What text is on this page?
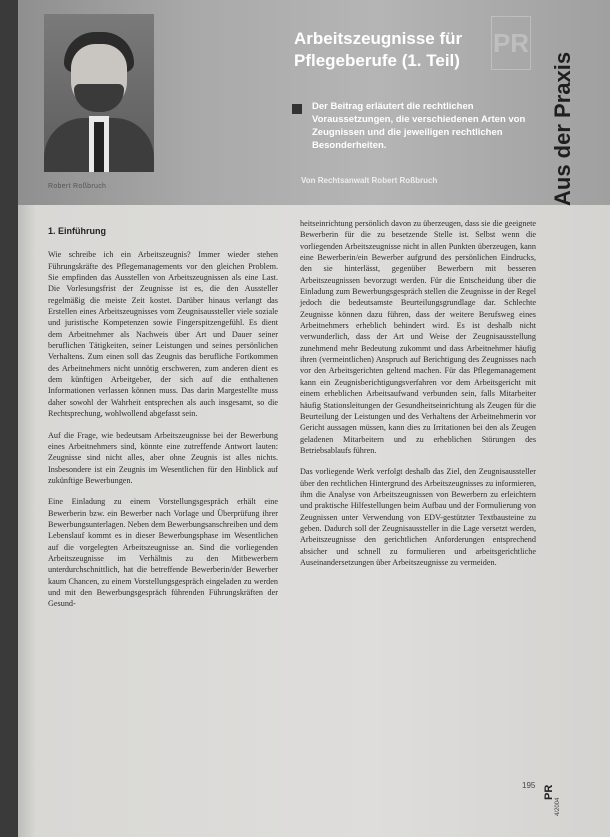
Robert Roßbruch
PR
Arbeitszeugnisse für
Pflegeberufe (1. Teil)
Der Beitrag erläutert die rechtlichen Voraussetzungen, die verschiedenen Arten von Zeugnissen und die jeweiligen rechtlichen Besonderheiten.
Von Rechtsanwalt Robert Roßbruch	Aus der Praxis
1. Einführung

Wie schreibe ich ein Arbeitszeugnis? Immer wieder stehen Führungskräfte des Pflegemanagements vor den gleichen Problem. Sie empfinden das Ausstellen von Arbeitszeugnissen als eine Last. Die Vorlesungsfrist der Zeugnisse ist es, die den Aussteller regelmäßig die meiste Zeit kostet. Darüber hinaus verlangt das Erstellen eines Arbeitszeugnisses vom Zeugnisaussteller viele soziale und juristische Kompetenzen sowie Fingerspitzengefühl. Es dient dem Arbeitnehmer als Nachweis über Art und Dauer seiner beruflichen Tätigkeiten, seiner Leistungen und seines persönlichen Verhaltens. Zum einen soll das Zeugnis das berufliche Fortkommen des Arbeitnehmers nicht unnötig erschweren, zum anderen dient es dem künftigen Arbeitgeber, der sich auf die enthaltenen Informationen verlassen können muss. Das darin Margestellte muss daher sowohl der Wahrheit entsprechen als auch insgesamt, so die Rechtsprechung, wohlwollend abgefasst sein.

Auf die Frage, wie bedeutsam Arbeitszeugnisse bei der Bewerbung eines Arbeitnehmers sind, könnte eine zutreffende Antwort lauten: Zeugnisse sind nicht alles, aber ohne Zeugnis ist alles nichts. Insbesondere ist ein Zeugnis im Wesentlichen für den Hinblick auf zukünftige Bewerbungen.

Eine Einladung zu einem Vorstellungsgespräch erhält eine Bewerberin bzw. ein Bewerber nach Vorlage und Überprüfung ihrer Bewerbungsunterlagen. Neben dem Bewerbungsanschreiben und dem Lebenslauf kommt es in dieser Bewerbungsphase im Wesentlichen auf die vorgelegten Arbeitszeugnisse an. Sind die vorliegenden Arbeitszeugnisse im Verhältnis zu den Mitbewerbern unterdurchschnittlich, hat die betreffende Bewerberin/der Bewerber kaum Chancen, zu einem Vorstellungsgespräch eingeladen zu werden und mit den Bewerbungsgespräch führenden Führungskräften der Gesund-

heitseinrichtung persönlich davon zu überzeugen, dass sie die geeignete Bewerberin für die zu besetzende Stelle ist. Selbst wenn die vorliegenden Arbeitszeugnisse nicht in allen Punkten überzeugen, kann eine Bewerberin/ein Bewerber aufgrund des persönlichen Eindrucks, den sie hinterlässt, gegenüber Bewerbern mit besseren Arbeitszeugnissen bevorzugt werden. Für die Entscheidung über die Einladung zum Bewerbungsgespräch stellen die Zeugnisse in der Regel jedoch die bedeutsamste Beurteilungsgrundlage dar. Schlechte Zeugnisse können dazu führen, dass der weitere Berufsweg eines Arbeitnehmers erheblich behindert wird. Es ist deshalb nicht verwunderlich, dass der Art und Weise der Zeugnisausstellung zunehmend mehr Bedeutung zukommt und dass Arbeitnehmer häufig ihren (vermeintlichen) Anspruch auf Berichtigung des Zeugnisses nach vor den Arbeitsgerichten geltend machen. Für das Pflegemanagement kann ein Zeugnisberichtigungsverfahren vor dem Arbeitsgericht mit einem erheblichen Arbeitsaufwand verbunden sein, falls Mitarbeiter häufig Stationsleitungen der Gesundheitseinrichtung als Zeugen für die Beurteilung der Leistungen und des Verhaltens der Arbeitnehmerin vor Gericht aussagen müssen, kann dies zu Irritationen bei den als Zeugen geladenen Mitarbeitern und zu erheblichen Störungen des Betriebsablaufs führen.

Das vorliegende Werk verfolgt deshalb das Ziel, den Zeugnisaussteller über den rechtlichen Hintergrund des Arbeitszeugnisses zu informieren, ihm die Analyse von Arbeitszeugnissen von Bewerbern zu erleichtern und praktische Hilfestellungen beim Aufbau und der Formulierung von Zeugnissen unter Verwendung von EDV-gestützter Textbausteine zu geben. Dadurch soll der Zeugnisaussteller in die Lage versetzt werden, Arbeitszeugnisse den gerichtlichen Anforderungen entsprechend absicher und schnell zu formulieren und arbeitsgerichtliche Auseinandersetzungen über Arbeitszeugnisse zu vermeiden.

195 PR
4/2004
